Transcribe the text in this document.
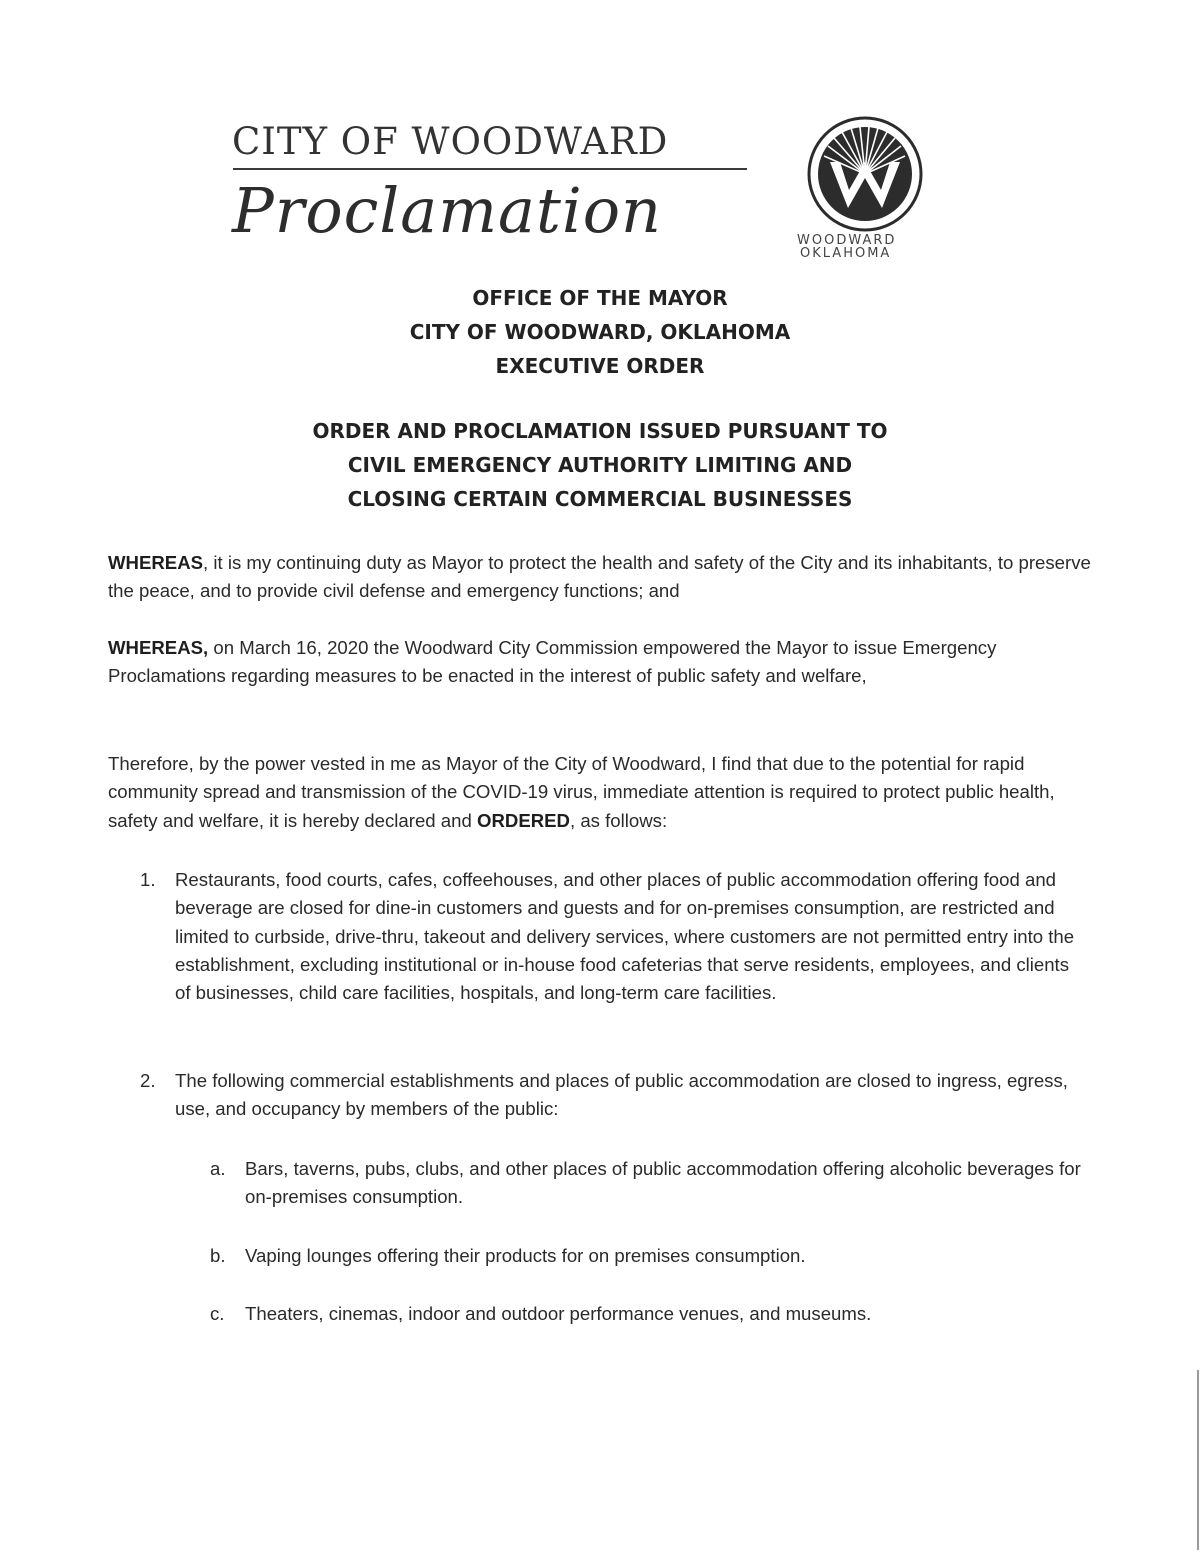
CITY OF WOODWARD
Proclamation	WOODWARD
OKLAHOMA
OFFICE OF THE MAYOR
CITY OF WOODWARD, OKLAHOMA
EXECUTIVE ORDER
ORDER AND PROCLAMATION ISSUED PURSUANT TO
CIVIL EMERGENCY AUTHORITY LIMITING AND
CLOSING CERTAIN COMMERCIAL BUSINESSES
WHEREAS, it is my continuing duty as Mayor to protect the health and safety of the City and its inhabitants, to preserve the peace, and to provide civil defense and emergency functions; and
WHEREAS, on March 16, 2020 the Woodward City Commission empowered the Mayor to issue Emergency Proclamations regarding measures to be enacted in the interest of public safety and welfare,
Therefore, by the power vested in me as Mayor of the City of Woodward, I find that due to the potential for rapid community spread and transmission of the COVID-19 virus, immediate attention is required to protect public health, safety and welfare, it is hereby declared and ORDERED, as follows:
1. Restaurants, food courts, cafes, coffeehouses, and other places of public accommodation offering food and beverage are closed for dine-in customers and guests and for on-premises consumption, are restricted and limited to curbside, drive-thru, takeout and delivery services, where customers are not permitted entry into the establishment, excluding institutional or in-house food cafeterias that serve residents, employees, and clients of businesses, child care facilities, hospitals, and long-term care facilities.
2. The following commercial establishments and places of public accommodation are closed to ingress, egress, use, and occupancy by members of the public:
a. Bars, taverns, pubs, clubs, and other places of public accommodation offering alcoholic beverages for on-premises consumption.
b. Vaping lounges offering their products for on premises consumption.
c. Theaters, cinemas, indoor and outdoor performance venues, and museums.
